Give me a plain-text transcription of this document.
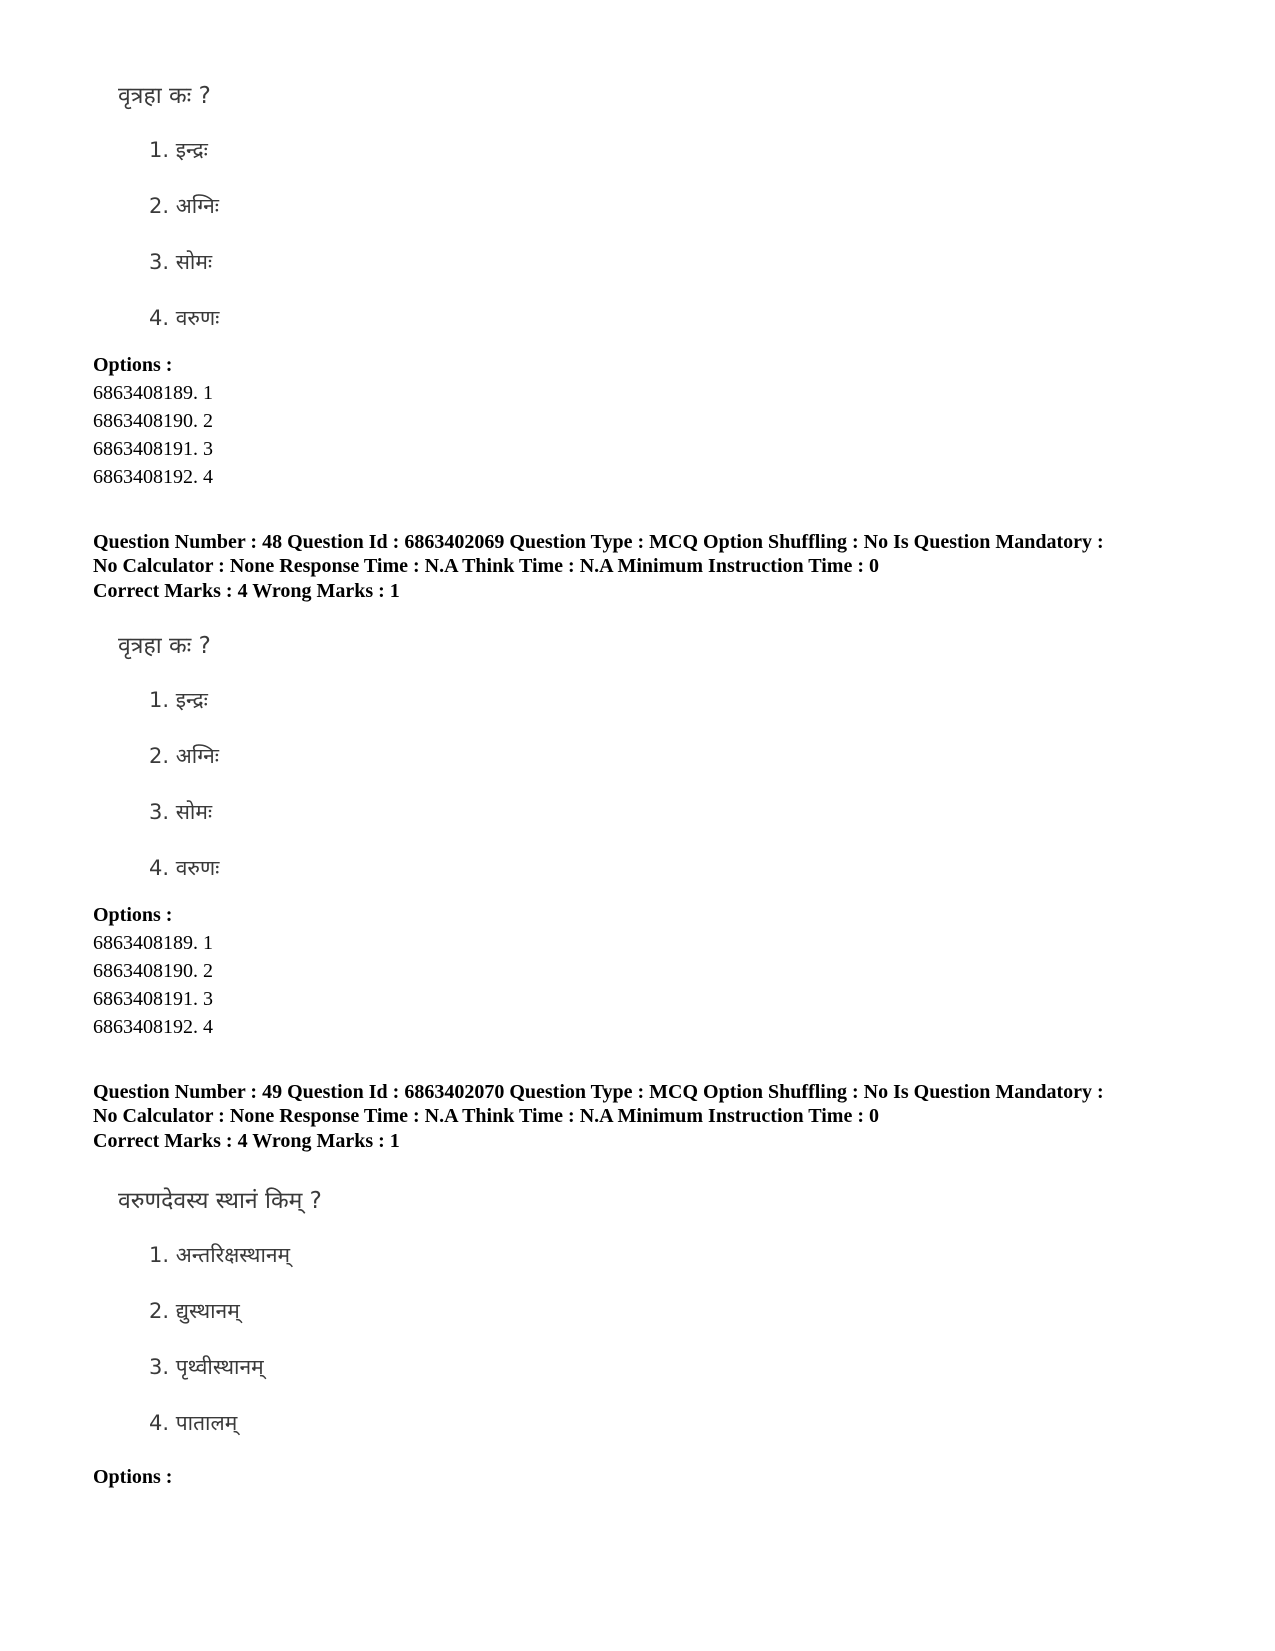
वृत्रहा कः ?
1. इन्द्रः
2. अग्निः
3. सोमः
4. वरुणः
Options :
6863408189. 1
6863408190. 2
6863408191. 3
6863408192. 4
Question Number : 48 Question Id : 6863402069 Question Type : MCQ Option Shuffling : No Is Question Mandatory :
No Calculator : None Response Time : N.A Think Time : N.A Minimum Instruction Time : 0
Correct Marks : 4 Wrong Marks : 1
वृत्रहा कः ?
1. इन्द्रः
2. अग्निः
3. सोमः
4. वरुणः
Options :
6863408189. 1
6863408190. 2
6863408191. 3
6863408192. 4
Question Number : 49 Question Id : 6863402070 Question Type : MCQ Option Shuffling : No Is Question Mandatory :
No Calculator : None Response Time : N.A Think Time : N.A Minimum Instruction Time : 0
Correct Marks : 4 Wrong Marks : 1
वरुणदेवस्य स्थानं किम् ?
1. अन्तरिक्षस्थानम्
2. द्युस्थानम्
3. पृथ्वीस्थानम्
4. पातालम्
Options :
